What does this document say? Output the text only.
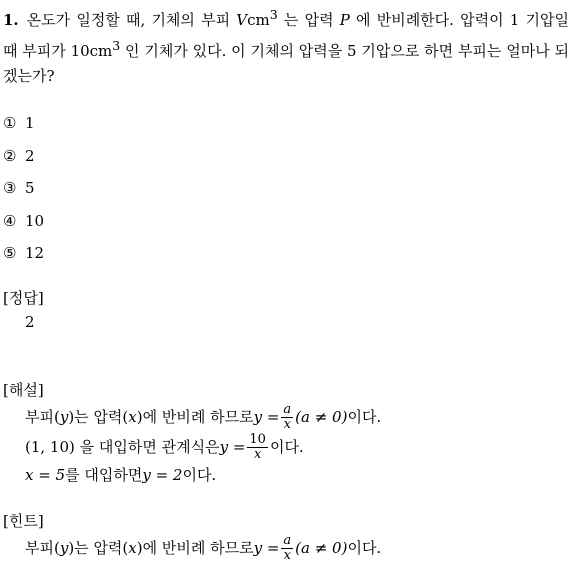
1. 온도가 일정할 때, 기체의 부피 Vcm$^3$ 는 압력 P 에 반비례한다. 압력이 1 기압일 때 부피가 $10cm^3$ 인 기체가 있다. 이 기체의 압력을 5 기압으로 하면 부피는 얼마나 되겠는가?
① 1
② 2
③ 5
④ 10
⑤ 12
[정답]
2
[해설]
부피( y )는 압력( x )에 반비례 하므로 $y = \frac{a}{x} (a \ne 0)$ 이다.
(1, 10) 을 대입하면 관계식은 $y = \frac{10}{x}$ 이다.
x = 5 를 대입하면 y = 2 이다.
[힌트]
부피( y )는 압력( x )에 반비례 하므로 $y = \frac{a}{x} (a \ne 0)$ 이다.
